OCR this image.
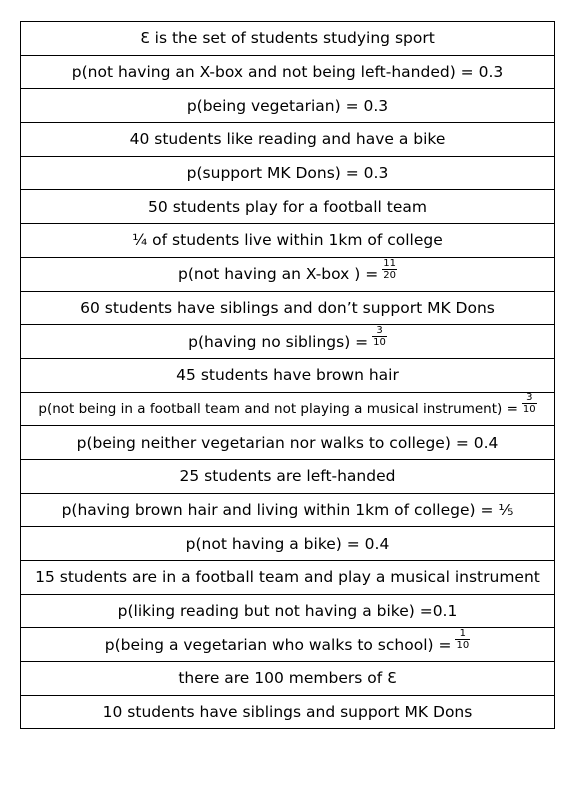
Ɛ is the set of students studying sport
p(not having an X-box and not being left-handed) = 0.3
p(being vegetarian) = 0.3
40 students like reading and have a bike
p(support MK Dons) = 0.3
50 students play for a football team
¼ of students live within 1km of college
p(not having an X-box ) = $\frac{11}{20}$
60 students have siblings and don’t support MK Dons
p(having no siblings) = $\frac{3}{10}$
45 students have brown hair
p(not being in a football team and not playing a musical instrument) = $\frac{3}{10}$
p(being neither vegetarian nor walks to college) = 0.4
25 students are left-handed
p(having brown hair and living within 1km of college) = ⅕
p(not having a bike) = 0.4
15 students are in a football team and play a musical instrument
p(liking reading but not having a bike) =0.1
p(being a vegetarian who walks to school) = $\frac{1}{10}$
there are 100 members of Ɛ
10 students have siblings and support MK Dons
